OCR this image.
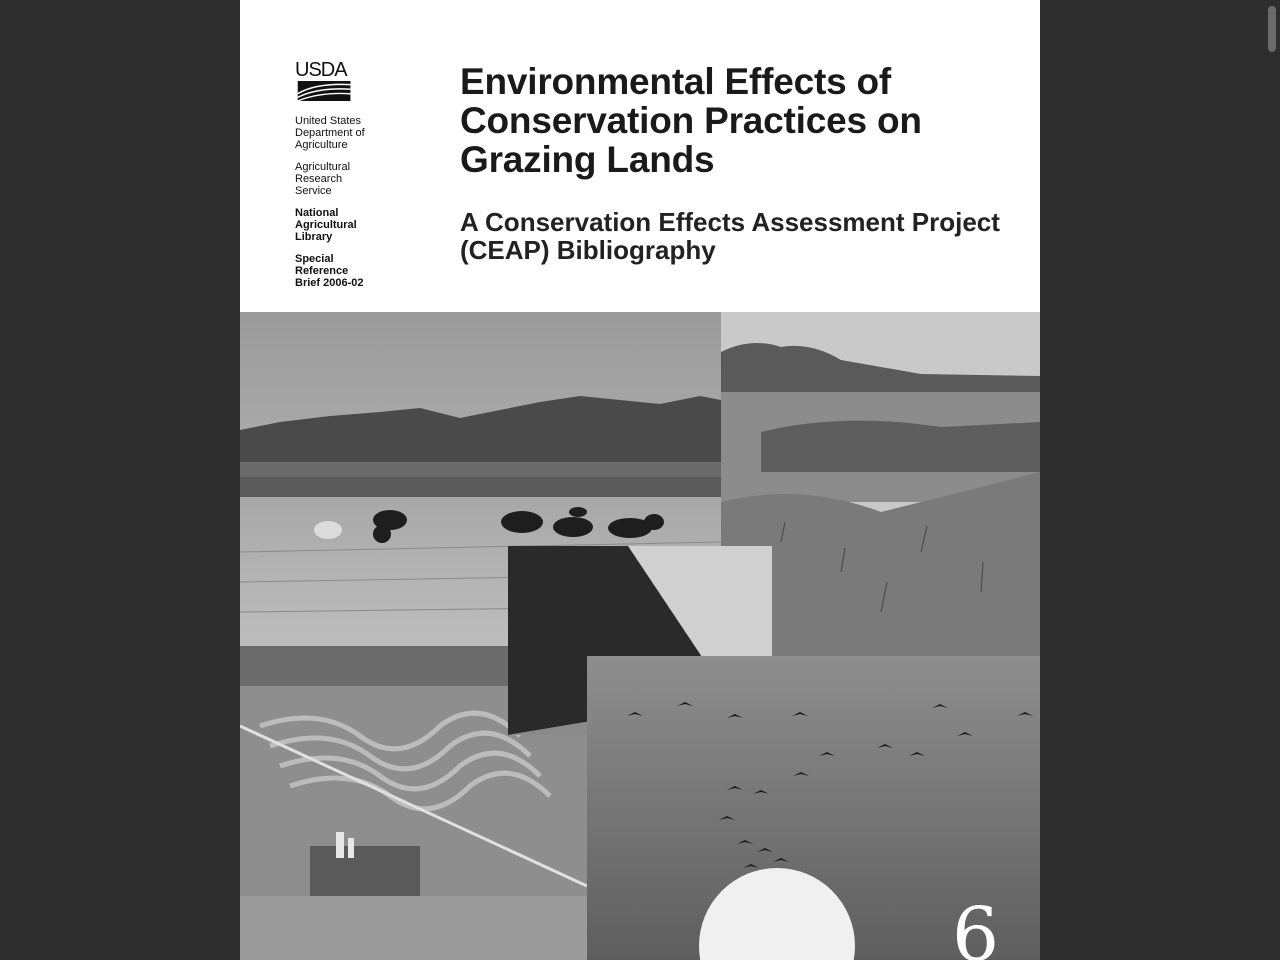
USDA
United States
Department of
Agriculture
Agricultural
Research
Service
National
Agricultural
Library
Special
Reference
Brief 2006-02
Environmental Effects of Conservation Practices on Grazing Lands
A Conservation Effects Assessment Project (CEAP) Bibliography
6
